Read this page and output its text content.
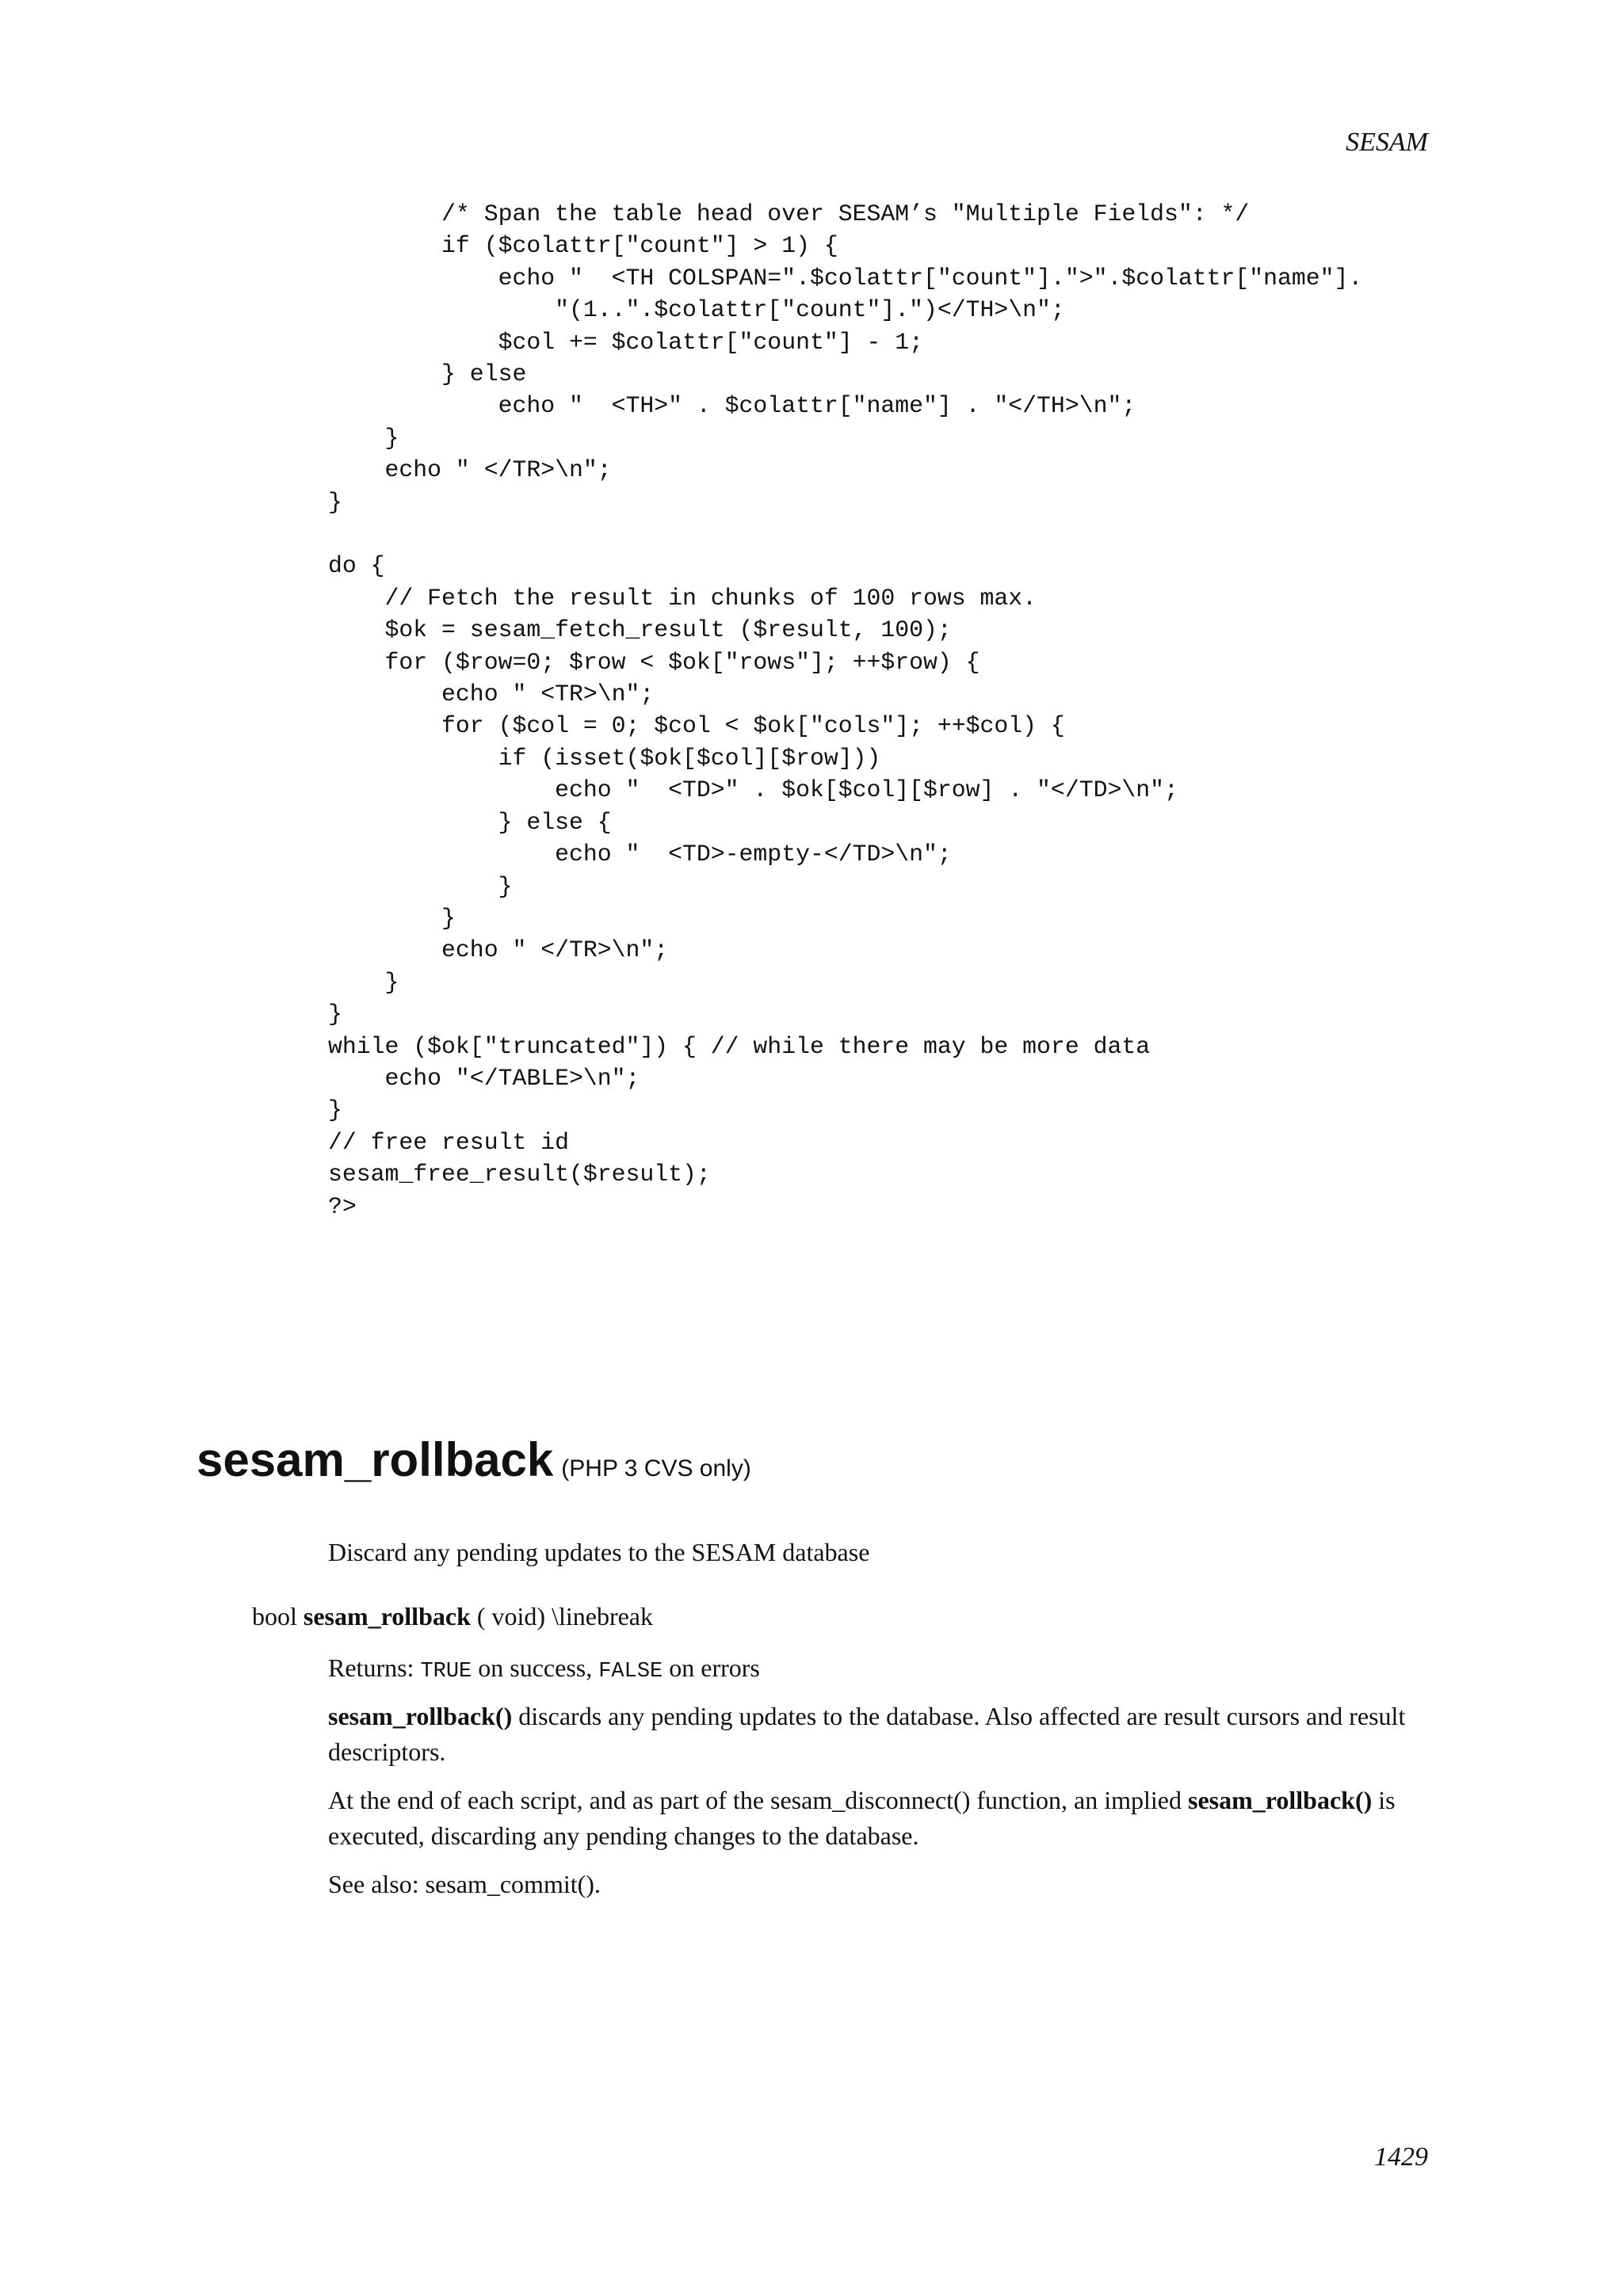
SESAM
/* Span the table head over SESAM’s "Multiple Fields": */
if ($colattr["count"] > 1) {
echo "  <TH COLSPAN=".$colattr["count"].">".$colattr["name"].
"(1..".$colattr["count"].")</TH>\n";
$col += $colattr["count"] - 1;
} else
echo "  <TH>" . $colattr["name"] . "</TH>\n";
}
echo " </TR>\n";
}
do {
// Fetch the result in chunks of 100 rows max.
$ok = sesam_fetch_result ($result, 100);
for ($row=0; $row < $ok["rows"]; ++$row) {
echo " <TR>\n";
for ($col = 0; $col < $ok["cols"]; ++$col) {
if (isset($ok[$col][$row]))
echo "  <TD>" . $ok[$col][$row] . "</TD>\n";
} else {
echo "  <TD>-empty-</TD>\n";
}
}
echo " </TR>\n";
}
}
while ($ok["truncated"]) { // while there may be more data
echo "</TABLE>\n";
}
// free result id
sesam_free_result($result);
?>
sesam_rollback (PHP 3 CVS only)
Discard any pending updates to the SESAM database
bool sesam_rollback ( void) \linebreak
Returns: TRUE on success, FALSE on errors
sesam_rollback() discards any pending updates to the database. Also affected are result cursors and result descriptors.
At the end of each script, and as part of the sesam_disconnect() function, an implied sesam_rollback() is executed, discarding any pending changes to the database.
See also: sesam_commit().
1429
